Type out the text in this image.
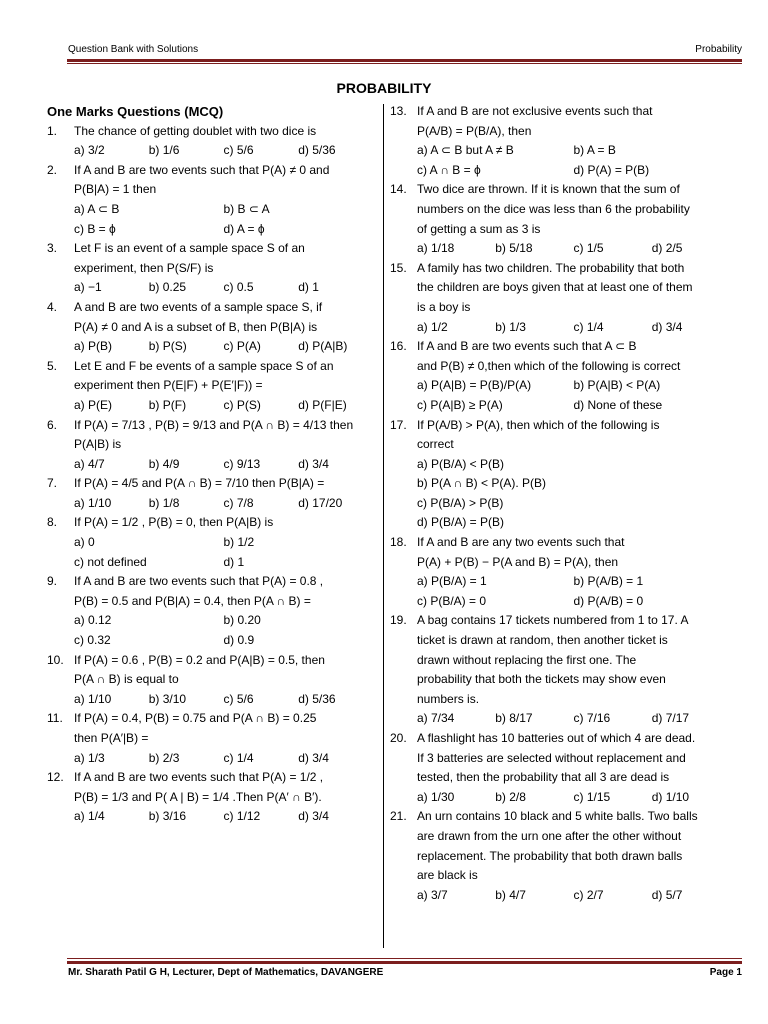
Question Bank with Solutions	Probability
PROBABILITY
One Marks Questions (MCQ)
1. The chance of getting doublet with two dice is
a) 3/2	b) 1/6	c) 5/6	d) 5/36
2. If A and B are two events such that P(A) ≠ 0 and
P(B|A) = 1 then
a) A ⊂ B	b) B ⊂ A
c) B = ϕ	d) A = ϕ
3. Let F is an event of a sample space S of an
experiment, then P(S/F) is
a) −1	b) 0.25	c) 0.5	d) 1
4. A and B are two events of a sample space S, if
P(A) ≠ 0 and A is a subset of B, then P(B|A) is
a) P(B)	b) P(S)	c) P(A)	d) P(A|B)
5. Let E and F be events of a sample space S of an
experiment then P(E|F) + P(E′|F)) =
a) P(E)	b) P(F)	c) P(S)	d) P(F|E)
6. If P(A) = 7/13 , P(B) = 9/13 and P(A ∩ B) = 4/13 then
P(A|B) is
a) 4/7	b) 4/9	c) 9/13	d) 3/4
7. If P(A) = 4/5 and P(A ∩ B) = 7/10 then P(B|A) =
a) 1/10	b) 1/8	c) 7/8	d) 17/20
8. If P(A) = 1/2 , P(B) = 0, then P(A|B) is
a) 0	b) 1/2
c) not defined	d) 1
9. If A and B are two events such that P(A) = 0.8 ,
P(B) = 0.5 and P(B|A) = 0.4, then P(A ∩ B) =
a) 0.12	b) 0.20
c) 0.32	d) 0.9
10. If P(A) = 0.6 , P(B) = 0.2 and P(A|B) = 0.5, then
P(A ∩ B) is equal to
a) 1/10	b) 3/10	c) 5/6	d) 5/36
11. If P(A) = 0.4, P(B) = 0.75 and P(A ∩ B) = 0.25
then P(A′|B) =
a) 1/3	b) 2/3	c) 1/4	d) 3/4
12. If A and B are two events such that P(A) = 1/2 ,
P(B) = 1/3 and P( A | B) = 1/4 .Then P(A′ ∩ B′).
a) 1/4	b) 3/16	c) 1/12	d) 3/4
13. If A and B are not exclusive events such that
P(A/B) = P(B/A), then
a) A ⊂ B but A ≠ B	b) A = B
c) A ∩ B = ϕ	d) P(A) = P(B)
14. Two dice are thrown. If it is known that the sum of
numbers on the dice was less than 6 the probability
of getting a sum as 3 is
a) 1/18	b) 5/18	c) 1/5	d) 2/5
15. A family has two children. The probability that both
the children are boys given that at least one of them
is a boy is
a) 1/2	b) 1/3	c) 1/4	d) 3/4
16. If A and B are two events such that A ⊂ B
and P(B) ≠ 0,then which of the following is correct
a) P(A|B) = P(B)/P(A)	b) P(A|B) < P(A)
c) P(A|B) ≥ P(A)	d) None of these
17. If P(A/B) > P(A), then which of the following is
correct
a) P(B/A) < P(B)
b) P(A ∩ B) < P(A). P(B)
c) P(B/A) > P(B)
d) P(B/A) = P(B)
18. If A and B are any two events such that
P(A) + P(B) − P(A and B) = P(A), then
a) P(B/A) = 1	b) P(A/B) = 1
c) P(B/A) = 0	d) P(A/B) = 0
19. A bag contains 17 tickets numbered from 1 to 17. A
ticket is drawn at random, then another ticket is
drawn without replacing the first one. The
probability that both the tickets may show even
numbers is.
a) 7/34	b) 8/17	c) 7/16	d) 7/17
20. A flashlight has 10 batteries out of which 4 are dead.
If 3 batteries are selected without replacement and
tested, then the probability that all 3 are dead is
a) 1/30	b) 2/8	c) 1/15	d) 1/10
21. An urn contains 10 black and 5 white balls. Two balls
are drawn from the urn one after the other without
replacement. The probability that both drawn balls
are black is
a) 3/7	b) 4/7	c) 2/7	d) 5/7
Mr. Sharath Patil G H, Lecturer, Dept of Mathematics, DAVANGERE	Page 1
